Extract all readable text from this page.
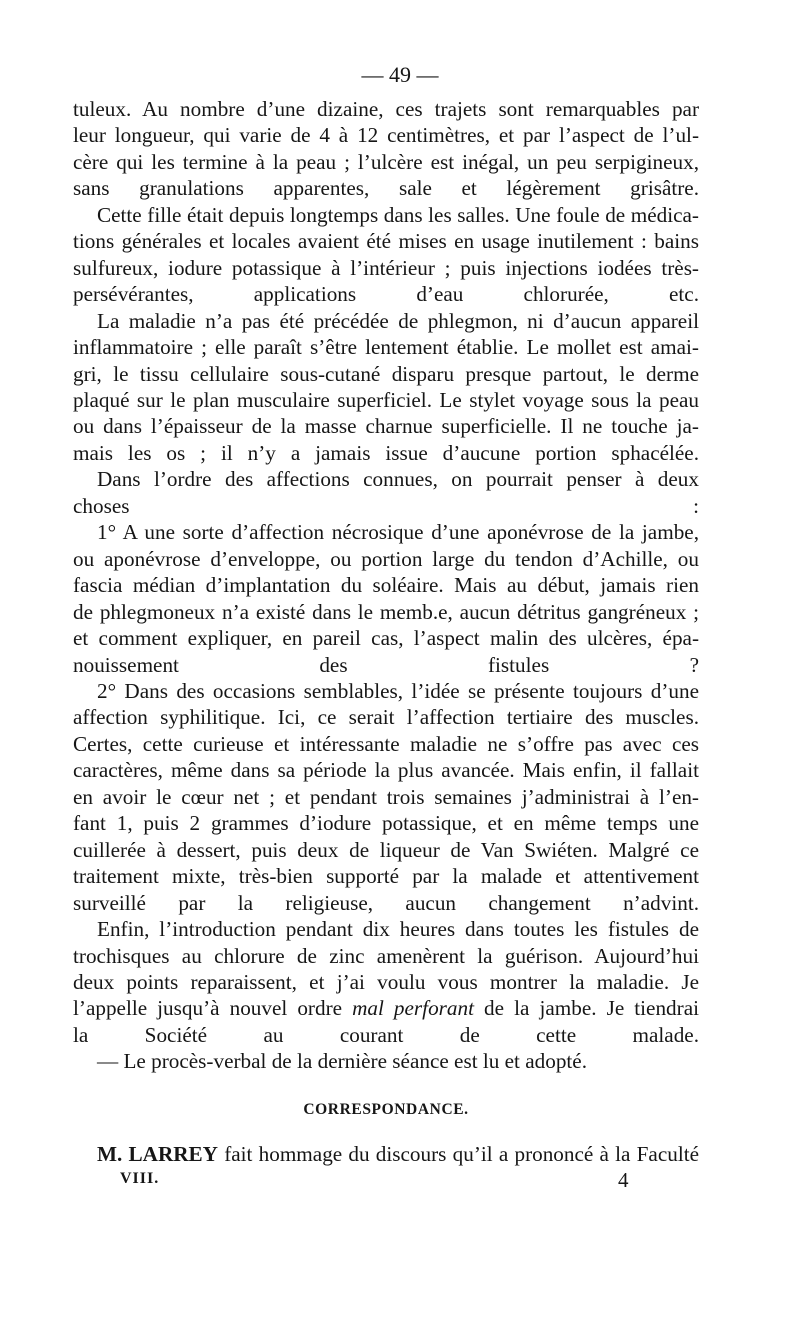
— 49 —

tuleux. Au nombre d’une dizaine, ces trajets sont remarquables par
leur longueur, qui varie de 4 à 12 centimètres, et par l’aspect de l’ul-
cère qui les termine à la peau ; l’ulcère est inégal, un peu serpigineux,
sans granulations apparentes, sale et légèrement grisâtre.

Cette fille était depuis longtemps dans les salles. Une foule de médica-
tions générales et locales avaient été mises en usage inutilement : bains
sulfureux, iodure potassique à l’intérieur ; puis injections iodées très-
persévérantes, applications d’eau chlorurée, etc.

La maladie n’a pas été précédée de phlegmon, ni d’aucun appareil
inflammatoire ; elle paraît s’être lentement établie. Le mollet est amai-
gri, le tissu cellulaire sous-cutané disparu presque partout, le derme
plaqué sur le plan musculaire superficiel. Le stylet voyage sous la peau
ou dans l’épaisseur de la masse charnue superficielle. Il ne touche ja-
mais les os ; il n’y a jamais issue d’aucune portion sphacélée.

Dans l’ordre des affections connues, on pourrait penser à deux
choses :

1° A une sorte d’affection nécrosique d’une aponévrose de la jambe,
ou aponévrose d’enveloppe, ou portion large du tendon d’Achille, ou
fascia médian d’implantation du soléaire. Mais au début, jamais rien
de phlegmoneux n’a existé dans le memb.e, aucun détritus gangréneux ;
et comment expliquer, en pareil cas, l’aspect malin des ulcères, épa-
nouissement des fistules ?

2° Dans des occasions semblables, l’idée se présente toujours d’une
affection syphilitique. Ici, ce serait l’affection tertiaire des muscles.
Certes, cette curieuse et intéressante maladie ne s’offre pas avec ces
caractères, même dans sa période la plus avancée. Mais enfin, il fallait
en avoir le cœur net ; et pendant trois semaines j’administrai à l’en-
fant 1, puis 2 grammes d’iodure potassique, et en même temps une
cuillerée à dessert, puis deux de liqueur de Van Swiéten. Malgré ce
traitement mixte, très-bien supporté par la malade et attentivement
surveillé par la religieuse, aucun changement n’advint.

Enfin, l’introduction pendant dix heures dans toutes les fistules de
trochisques au chlorure de zinc amenèrent la guérison. Aujourd’hui
deux points reparaissent, et j’ai voulu vous montrer la maladie. Je
l’appelle jusqu’à nouvel ordre mal perforant de la jambe. Je tiendrai
la Société au courant de cette malade.

— Le procès-verbal de la dernière séance est lu et adopté.

CORRESPONDANCE.

M. LARREY fait hommage du discours qu’il a prononcé à la Faculté

VIII.	4
